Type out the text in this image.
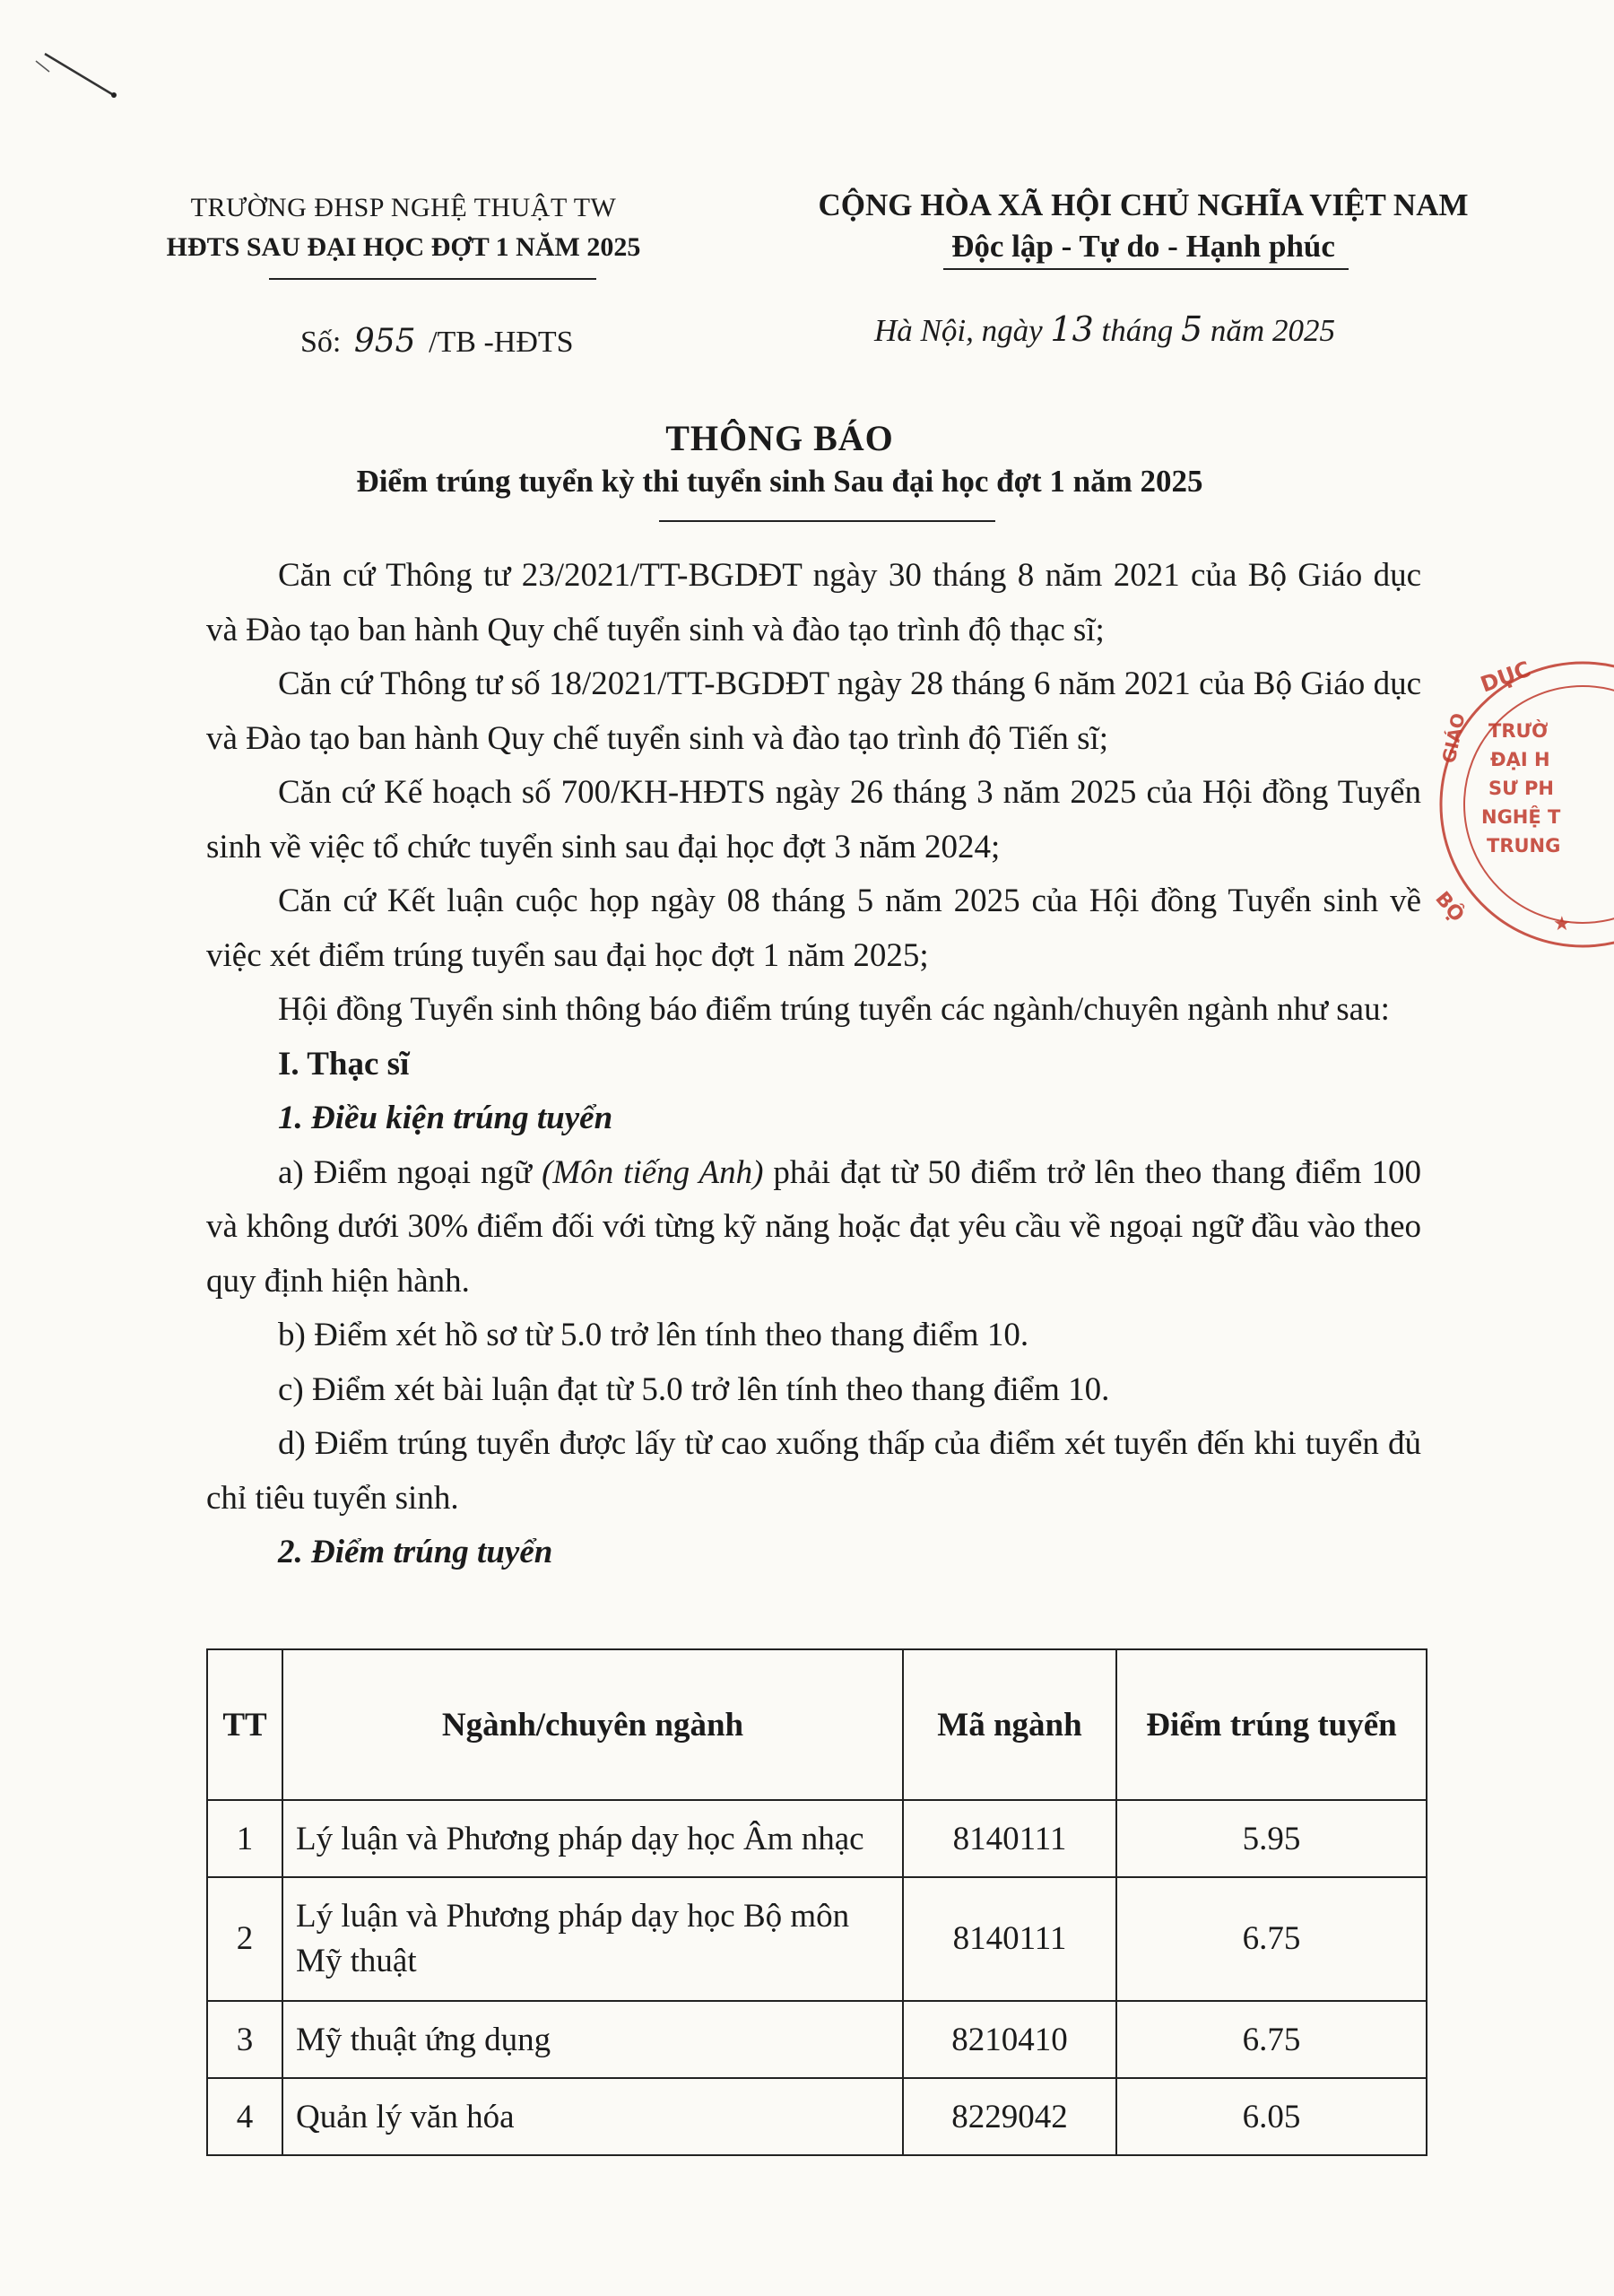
TRƯỜNG ĐHSP NGHỆ THUẬT TW
HĐTS SAU ĐẠI HỌC ĐỢT 1 NĂM 2025
CỘNG HÒA XÃ HỘI CHỦ NGHĨA VIỆT NAM
Độc lập - Tự do - Hạnh phúc
Số: 955 /TB -HĐTS	Hà Nội, ngày 13 tháng 5 năm 2025
THÔNG BÁO
Điểm trúng tuyển kỳ thi tuyển sinh Sau đại học đợt 1 năm 2025

Căn cứ Thông tư 23/2021/TT-BGDĐT ngày 30 tháng 8 năm 2021 của Bộ Giáo dục và Đào tạo ban hành Quy chế tuyển sinh và đào tạo trình độ thạc sĩ;

Căn cứ Thông tư số 18/2021/TT-BGDĐT ngày 28 tháng 6 năm 2021 của Bộ Giáo dục và Đào tạo ban hành Quy chế tuyển sinh và đào tạo trình độ Tiến sĩ;

Căn cứ Kế hoạch số 700/KH-HĐTS ngày 26 tháng 3 năm 2025 của Hội đồng Tuyển sinh về việc tổ chức tuyển sinh sau đại học đợt 3 năm 2024;

Căn cứ Kết luận cuộc họp ngày 08 tháng 5 năm 2025 của Hội đồng Tuyển sinh về việc xét điểm trúng tuyển sau đại học đợt 1 năm 2025;

Hội đồng Tuyển sinh thông báo điểm trúng tuyển các ngành/chuyên ngành như sau:

I. Thạc sĩ

1. Điều kiện trúng tuyển

a) Điểm ngoại ngữ (Môn tiếng Anh) phải đạt từ 50 điểm trở lên theo thang điểm 100 và không dưới 30% điểm đối với từng kỹ năng hoặc đạt yêu cầu về ngoại ngữ đầu vào theo quy định hiện hành.

b) Điểm xét hồ sơ từ 5.0 trở lên tính theo thang điểm 10.

c) Điểm xét bài luận đạt từ 5.0 trở lên tính theo thang điểm 10.

d) Điểm trúng tuyển được lấy từ cao xuống thấp của điểm xét tuyển đến khi tuyển đủ chỉ tiêu tuyển sinh.

2. Điểm trúng tuyển

TT	Ngành/chuyên ngành	Mã ngành	Điểm trúng tuyển
1	Lý luận và Phương pháp dạy học Âm nhạc	8140111	5.95
2	Lý luận và Phương pháp dạy học Bộ môn Mỹ thuật	8140111	6.75
3	Mỹ thuật ứng dụng	8210410	6.75
4	Quản lý văn hóa	8229042	6.05
DỤC
GIÁO
BỘ
TRƯỜ
ĐẠI H
SƯ PH
NGHỆ T
TRUNG
★
